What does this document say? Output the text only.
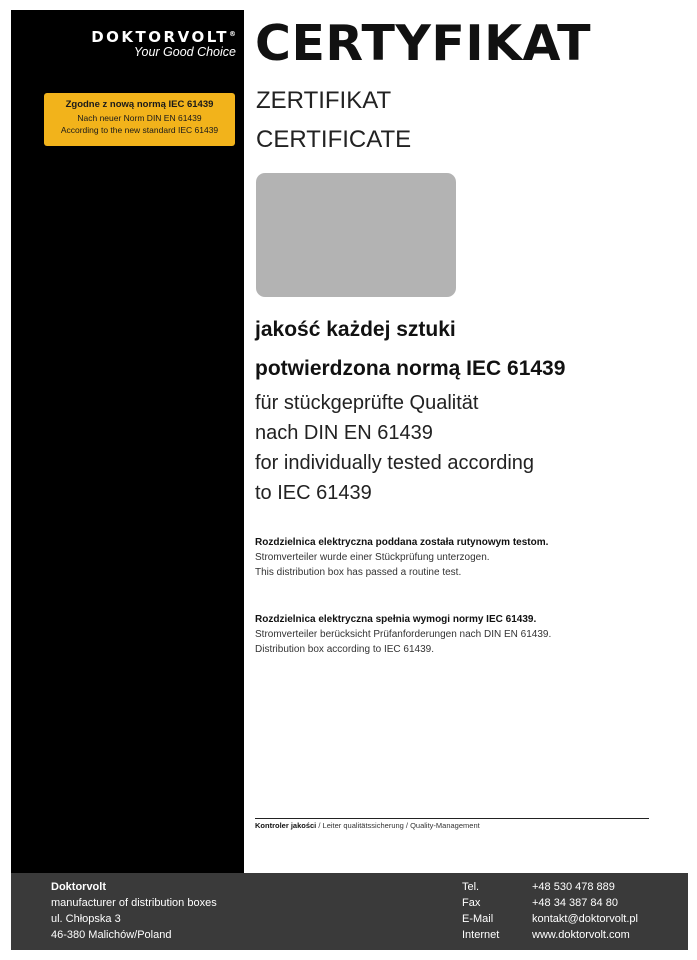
DOKTORVOLT®
Your Good Choice
Zgodne z nową normą IEC 61439
Nach neuer Norm DIN EN 61439
According to the new standard IEC 61439
CERTYFIKAT
ZERTIFIKAT
CERTIFICATE
jakość każdej sztuki
potwierdzona normą IEC 61439
für stückgeprüfte Qualität
nach DIN EN 61439
for individually tested according
to IEC 61439
Rozdzielnica elektryczna poddana została rutynowym testom.
Stromverteiler wurde einer Stückprüfung unterzogen.
This distribution box has passed a routine test.
Rozdzielnica elektryczna spełnia wymogi normy IEC 61439.
Stromverteiler berücksicht Prüfanforderungen nach DIN EN 61439.
Distribution box according to IEC 61439.
Kontroler jakości / Leiter qualitätssicherung / Quality-Management
Doktorvolt
manufacturer of distribution boxes
ul. Chłopska 3
46-380 Malichów/Poland
Tel.	+48 530 478 889
Fax	+48 34 387 84 80
E-Mail	kontakt@doktorvolt.pl
Internet	www.doktorvolt.com
